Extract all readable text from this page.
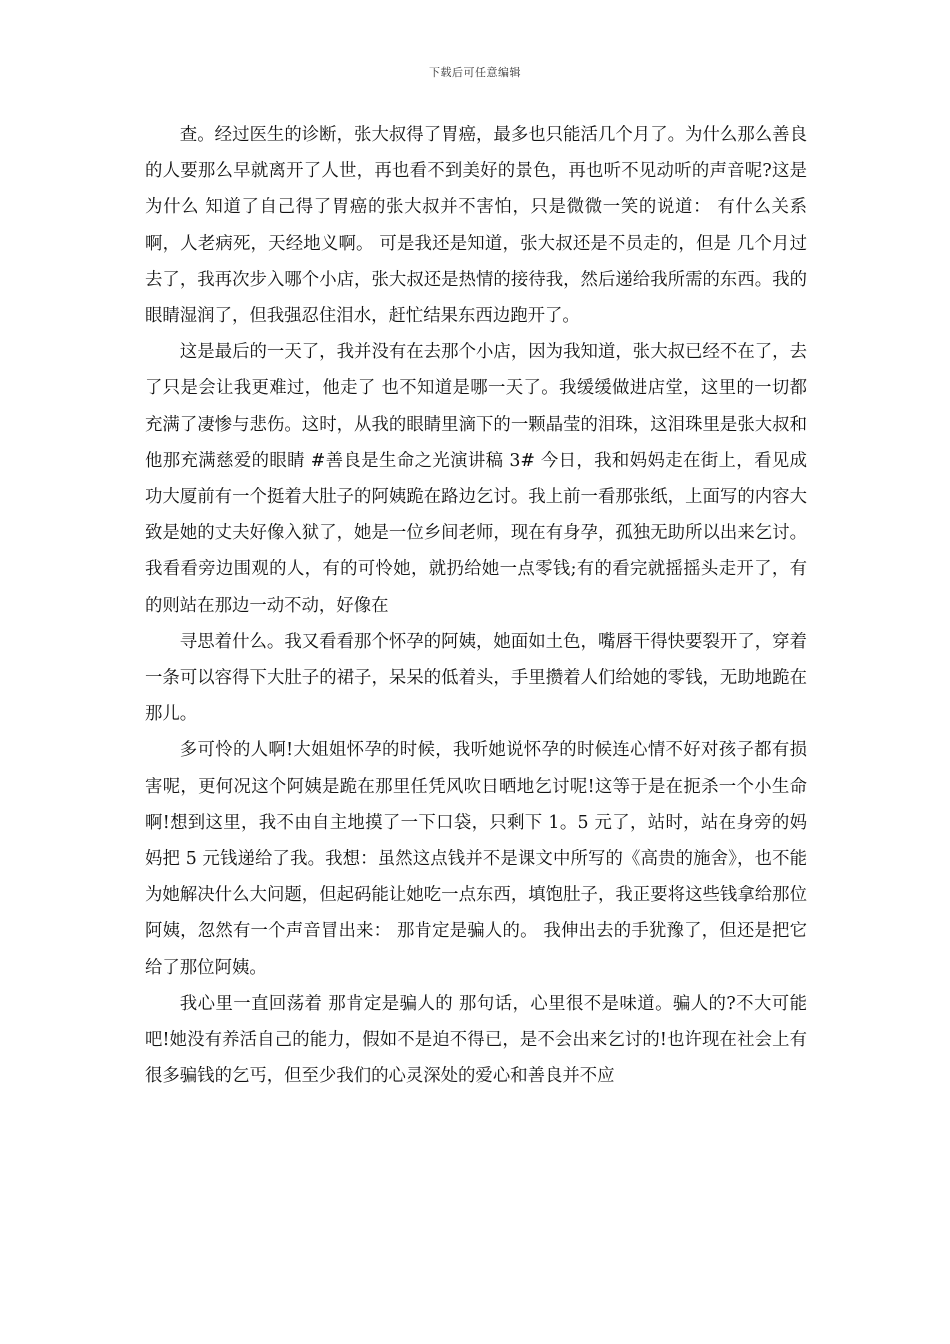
下载后可任意编辑

查。经过医生的诊断，张大叔得了胃癌，最多也只能活几个月了。为什么那么善良的人要那么早就离开了人世，再也看不到美好的景色，再也听不见动听的声音呢?这是为什么 知道了自己得了胃癌的张大叔并不害怕，只是微微一笑的说道： 有什么关系啊，人老病死，天经地义啊。 可是我还是知道，张大叔还是不员走的，但是 几个月过去了，我再次步入哪个小店，张大叔还是热情的接待我，然后递给我所需的东西。我的眼睛湿润了，但我强忍住泪水，赶忙结果东西边跑开了。

这是最后的一天了，我并没有在去那个小店，因为我知道，张大叔已经不在了，去了只是会让我更难过，他走了 也不知道是哪一天了。我缓缓做进店堂，这里的一切都充满了凄惨与悲伤。这时，从我的眼睛里滴下的一颗晶莹的泪珠，这泪珠里是张大叔和他那充满慈爱的眼睛 #善良是生命之光演讲稿 3# 今日，我和妈妈走在街上，看见成功大厦前有一个挺着大肚子的阿姨跪在路边乞讨。我上前一看那张纸，上面写的内容大致是她的丈夫好像入狱了，她是一位乡间老师，现在有身孕，孤独无助所以出来乞讨。我看看旁边围观的人，有的可怜她，就扔给她一点零钱;有的看完就摇摇头走开了，有的则站在那边一动不动，好像在

寻思着什么。我又看看那个怀孕的阿姨，她面如土色，嘴唇干得快要裂开了，穿着一条可以容得下大肚子的裙子，呆呆的低着头，手里攒着人们给她的零钱，无助地跪在那儿。

多可怜的人啊!大姐姐怀孕的时候，我听她说怀孕的时候连心情不好对孩子都有损害呢，更何况这个阿姨是跪在那里任凭风吹日晒地乞讨呢!这等于是在扼杀一个小生命啊!想到这里，我不由自主地摸了一下口袋，只剩下 1。5 元了，站时，站在身旁的妈妈把 5 元钱递给了我。我想：虽然这点钱并不是课文中所写的《高贵的施舍》，也不能为她解决什么大问题，但起码能让她吃一点东西，填饱肚子，我正要将这些钱拿给那位阿姨，忽然有一个声音冒出来： 那肯定是骗人的。 我伸出去的手犹豫了，但还是把它给了那位阿姨。

我心里一直回荡着 那肯定是骗人的 那句话，心里很不是味道。骗人的?不大可能吧!她没有养活自己的能力，假如不是迫不得已，是不会出来乞讨的!也许现在社会上有很多骗钱的乞丐，但至少我们的心灵深处的爱心和善良并不应
